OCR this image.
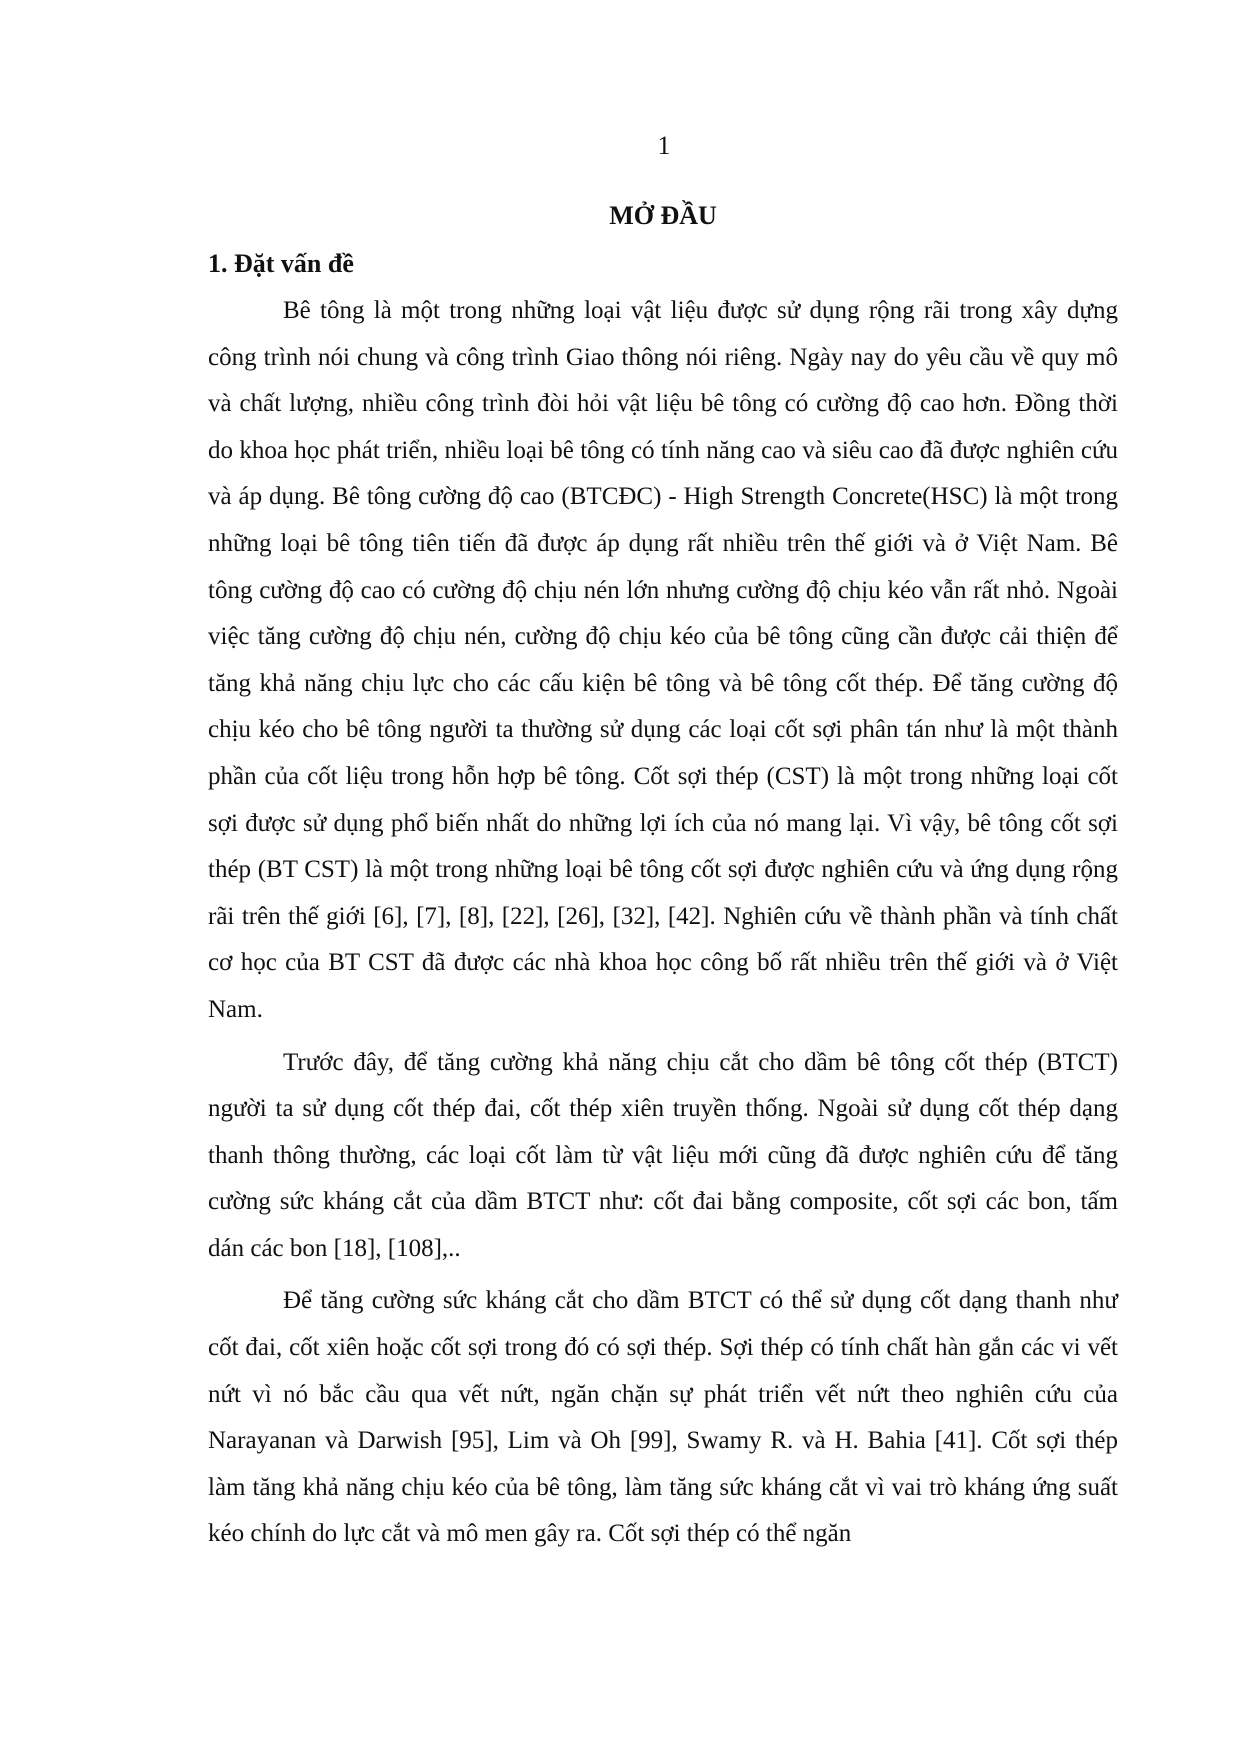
1

MỞ ĐẦU
1. Đặt vấn đề

Bê tông là một trong những loại vật liệu được sử dụng rộng rãi trong xây dựng công trình nói chung và công trình Giao thông nói riêng. Ngày nay do yêu cầu về quy mô và chất lượng, nhiều công trình đòi hỏi vật liệu bê tông có cường độ cao hơn. Đồng thời do khoa học phát triển, nhiều loại bê tông có tính năng cao và siêu cao đã được nghiên cứu và áp dụng. Bê tông cường độ cao (BTCĐC) - High Strength Concrete(HSC) là một trong những loại bê tông tiên tiến đã được áp dụng rất nhiều trên thế giới và ở Việt Nam. Bê tông cường độ cao có cường độ chịu nén lớn nhưng cường độ chịu kéo vẫn rất nhỏ. Ngoài việc tăng cường độ chịu nén, cường độ chịu kéo của bê tông cũng cần được cải thiện để tăng khả năng chịu lực cho các cấu kiện bê tông và bê tông cốt thép. Để tăng cường độ chịu kéo cho bê tông người ta thường sử dụng các loại cốt sợi phân tán như là một thành phần của cốt liệu trong hỗn hợp bê tông. Cốt sợi thép (CST) là một trong những loại cốt sợi được sử dụng phổ biến nhất do những lợi ích của nó mang lại. Vì vậy, bê tông cốt sợi thép (BT CST) là một trong những loại bê tông cốt sợi được nghiên cứu và ứng dụng rộng rãi trên thế giới [6], [7], [8], [22], [26], [32], [42]. Nghiên cứu về thành phần và tính chất cơ học của BT CST đã được các nhà khoa học công bố rất nhiều trên thế giới và ở Việt Nam.

Trước đây, để tăng cường khả năng chịu cắt cho dầm bê tông cốt thép (BTCT) người ta sử dụng cốt thép đai, cốt thép xiên truyền thống. Ngoài sử dụng cốt thép dạng thanh thông thường, các loại cốt làm từ vật liệu mới cũng đã được nghiên cứu để tăng cường sức kháng cắt của dầm BTCT như: cốt đai bằng composite, cốt sợi các bon, tấm dán các bon [18], [108],..

Để tăng cường sức kháng cắt cho dầm BTCT có thể sử dụng cốt dạng thanh như cốt đai, cốt xiên hoặc cốt sợi trong đó có sợi thép. Sợi thép có tính chất hàn gắn các vi vết nứt vì nó bắc cầu qua vết nứt, ngăn chặn sự phát triển vết nứt theo nghiên cứu của Narayanan và Darwish [95], Lim và Oh [99], Swamy R. và H. Bahia [41]. Cốt sợi thép làm tăng khả năng chịu kéo của bê tông, làm tăng sức kháng cắt vì vai trò kháng ứng suất kéo chính do lực cắt và mô men gây ra. Cốt sợi thép có thể ngăn
